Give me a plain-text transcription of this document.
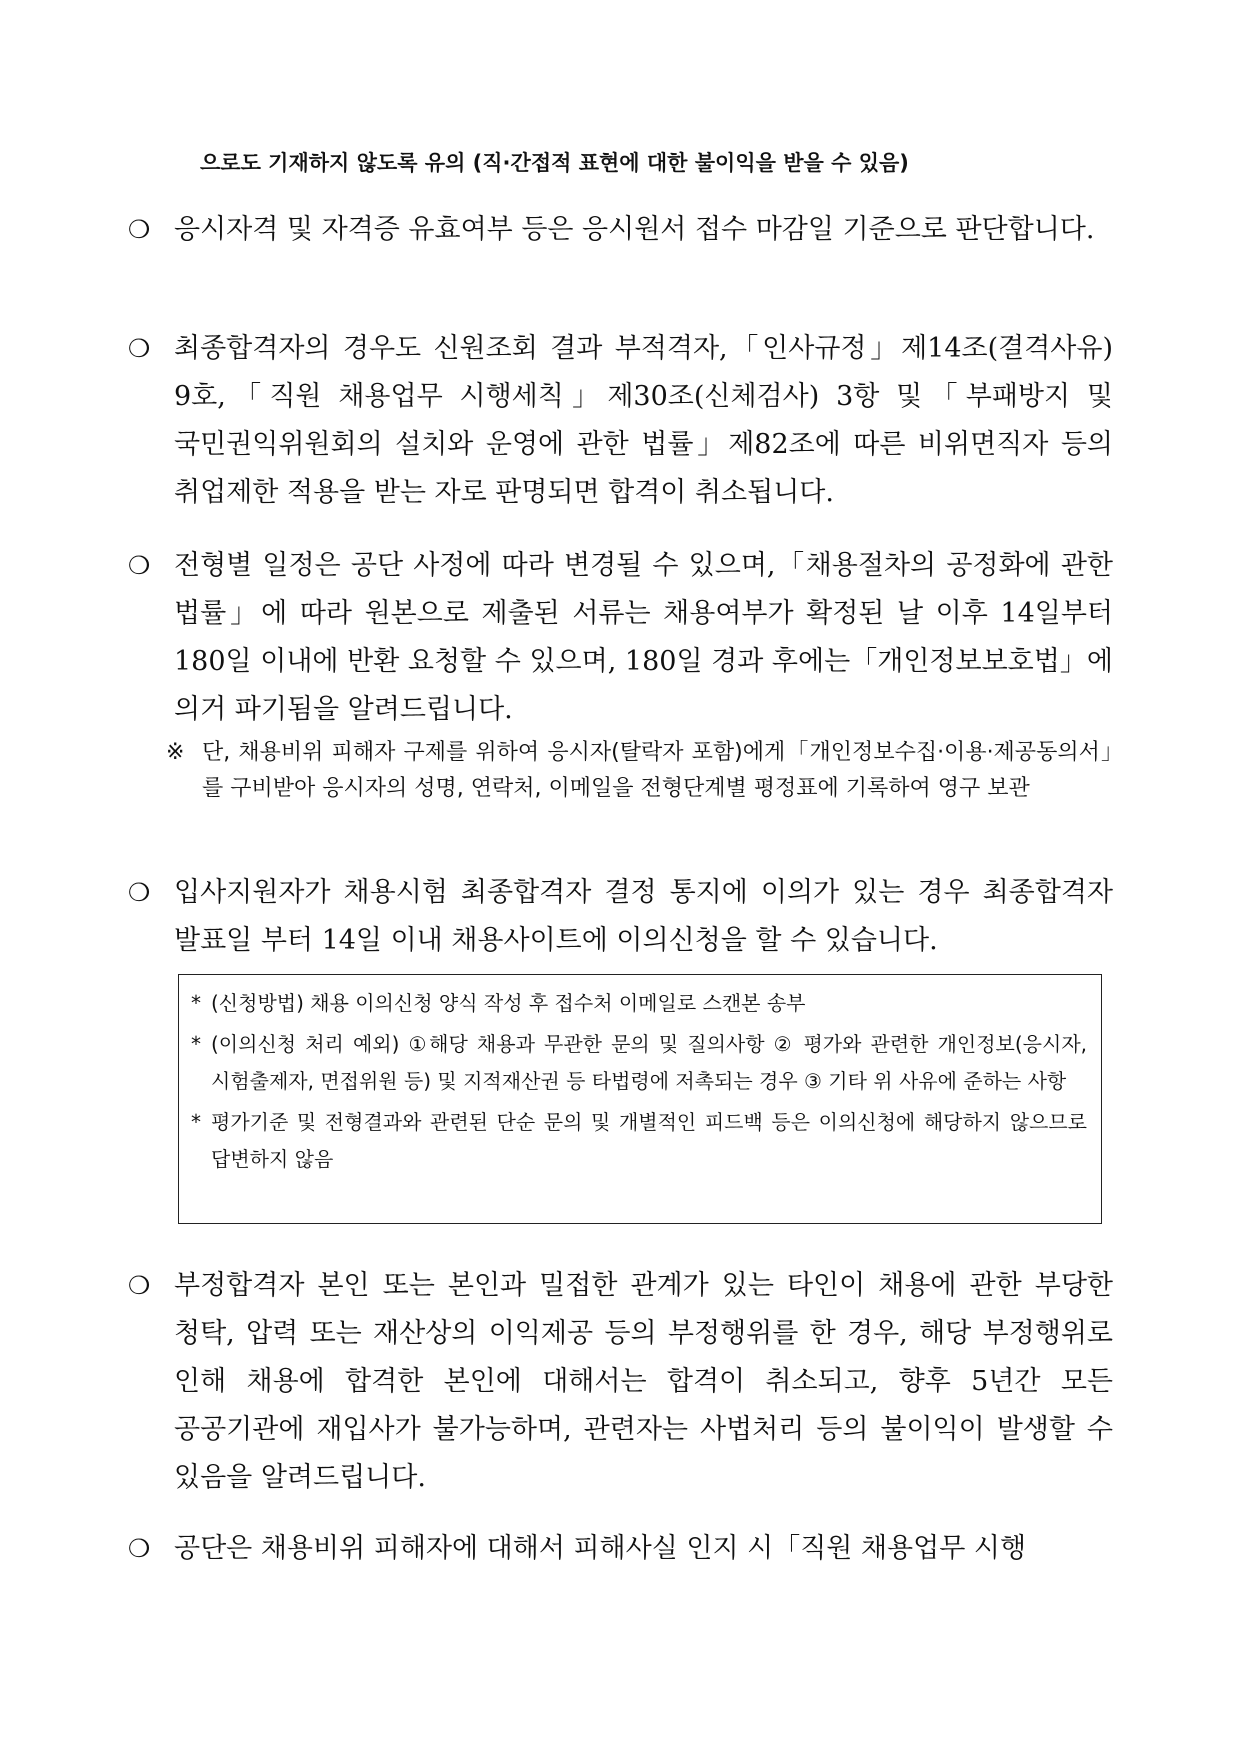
으로도 기재하지 않도록 유의 (직·간접적 표현에 대한 불이익을 받을 수 있음)
❍ 응시자격 및 자격증 유효여부 등은 응시원서 접수 마감일 기준으로 판단합니다.
❍ 최종합격자의 경우도 신원조회 결과 부적격자,「인사규정」제14조(결격사유) 9호,「직원 채용업무 시행세칙」제30조(신체검사) 3항 및「부패방지 및 국민권익위원회의 설치와 운영에 관한 법률」제82조에 따른 비위면직자 등의 취업제한 적용을 받는 자로 판명되면 합격이 취소됩니다.
❍ 전형별 일정은 공단 사정에 따라 변경될 수 있으며,「채용절차의 공정화에 관한 법률」에 따라 원본으로 제출된 서류는 채용여부가 확정된 날 이후 14일부터 180일 이내에 반환 요청할 수 있으며, 180일 경과 후에는「개인정보보호법」에 의거 파기됨을 알려드립니다.
※ 단, 채용비위 피해자 구제를 위하여 응시자(탈락자 포함)에게「개인정보수집·이용·제공동의서」를 구비받아 응시자의 성명, 연락처, 이메일을 전형단계별 평정표에 기록하여 영구 보관
❍ 입사지원자가 채용시험 최종합격자 결정 통지에 이의가 있는 경우 최종합격자 발표일 부터 14일 이내 채용사이트에 이의신청을 할 수 있습니다.
* (신청방법) 채용 이의신청 양식 작성 후 접수처 이메일로 스캔본 송부
* (이의신청 처리 예외) ①해당 채용과 무관한 문의 및 질의사항 ② 평가와 관련한 개인정보(응시자, 시험출제자, 면접위원 등) 및 지적재산권 등 타법령에 저촉되는 경우 ③ 기타 위 사유에 준하는 사항
* 평가기준 및 전형결과와 관련된 단순 문의 및 개별적인 피드백 등은 이의신청에 해당하지 않으므로 답변하지 않음
❍ 부정합격자 본인 또는 본인과 밀접한 관계가 있는 타인이 채용에 관한 부당한 청탁, 압력 또는 재산상의 이익제공 등의 부정행위를 한 경우, 해당 부정행위로 인해 채용에 합격한 본인에 대해서는 합격이 취소되고, 향후 5년간 모든 공공기관에 재입사가 불가능하며, 관련자는 사법처리 등의 불이익이 발생할 수 있음을 알려드립니다.
❍ 공단은 채용비위 피해자에 대해서 피해사실 인지 시「직원 채용업무 시행
